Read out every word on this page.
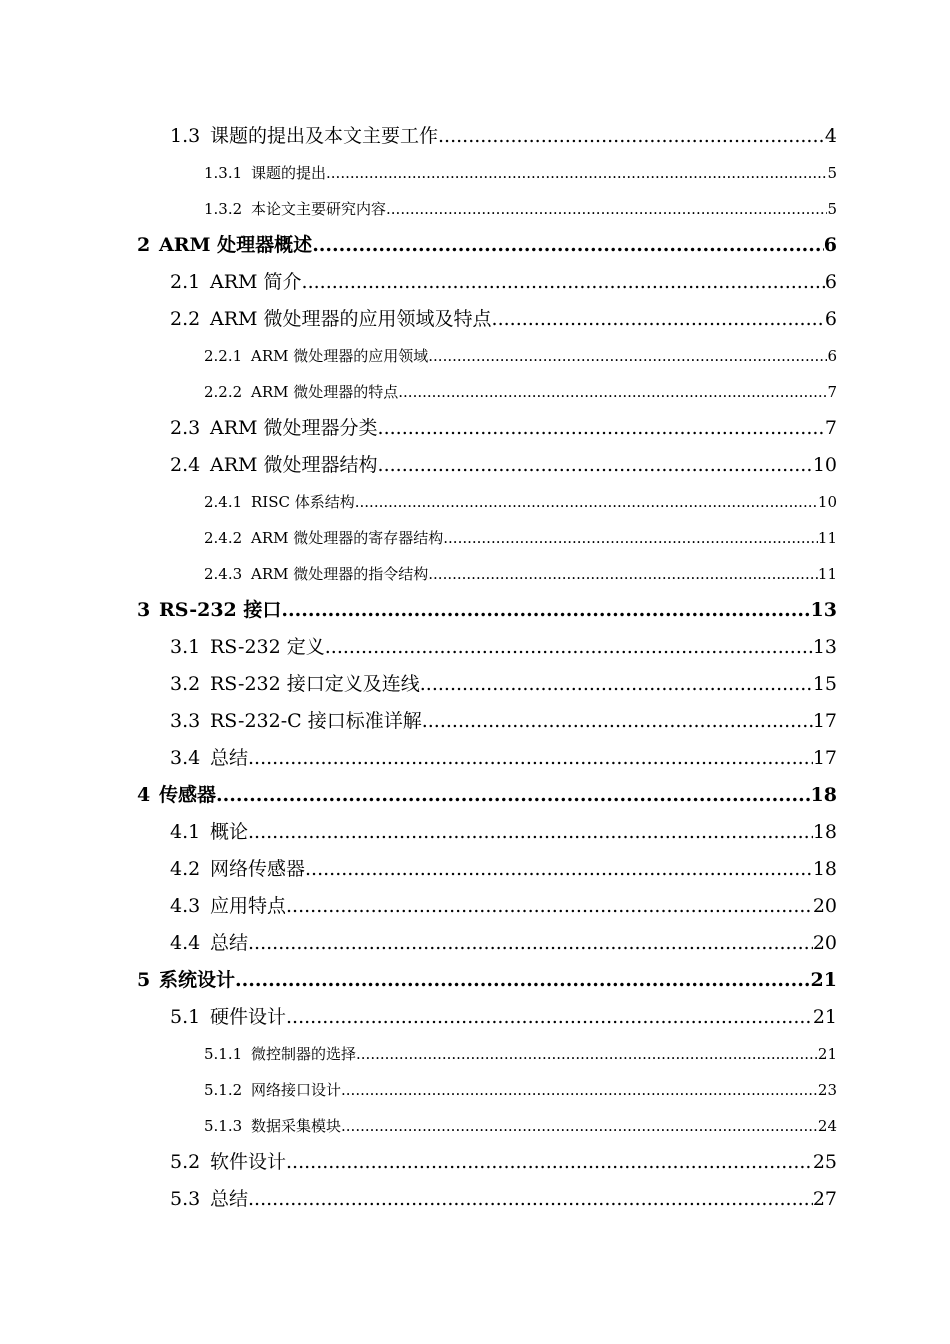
1.3 课题的提出及本文主要工作 .....	4
1.3.1 课题的提出 .....	5
1.3.2 本论文主要研究内容 .....	5
2 ARM 处理器概述 .....	6
2.1 ARM 简介 .....	6
2.2 ARM 微处理器的应用领域及特点 .....	6
2.2.1 ARM 微处理器的应用领域 .....	6
2.2.2 ARM 微处理器的特点 .....	7
2.3 ARM 微处理器分类 .....	7
2.4 ARM 微处理器结构 .....	10
2.4.1 RISC 体系结构 .....	10
2.4.2 ARM 微处理器的寄存器结构 .....	11
2.4.3 ARM 微处理器的指令结构 .....	11
3 RS-232 接口 .....	13
3.1 RS-232 定义 .....	13
3.2 RS-232 接口定义及连线 .....	15
3.3 RS-232-C 接口标准详解 .....	17
3.4 总结 .....	17
4 传感器 .....	18
4.1 概论 .....	18
4.2 网络传感器 .....	18
4.3 应用特点 .....	20
4.4 总结 .....	20
5 系统设计 .....	21
5.1 硬件设计 .....	21
5.1.1 微控制器的选择 .....	21
5.1.2 网络接口设计 .....	23
5.1.3 数据采集模块 .....	24
5.2 软件设计 .....	25
5.3 总结 .....	27
